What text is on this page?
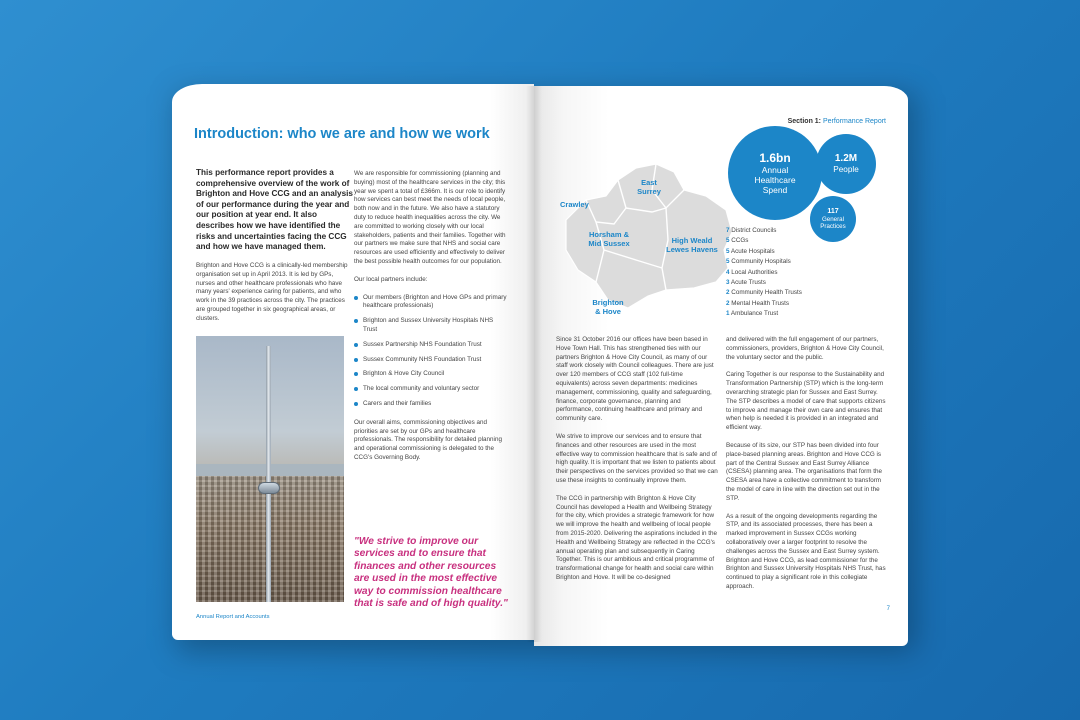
Introduction: who we are and how we work

This performance report provides a comprehensive overview of the work of Brighton and Hove CCG and an analysis of our performance during the year and our position at year end. It also describes how we have identified the risks and uncertainties facing the CCG and how we have managed them.

Brighton and Hove CCG is a clinically-led membership organisation set up in April 2013. It is led by GPs, nurses and other healthcare professionals who have many years' experience caring for patients, and who work in the 39 practices across the city. The practices are grouped together in six geographical areas, or clusters.

We are responsible for commissioning (planning and buying) most of the healthcare services in the city; this year we spent a total of £366m. It is our role to identify how services can best meet the needs of local people, both now and in the future. We also have a statutory duty to reduce health inequalities across the city. We are committed to working closely with our local stakeholders, patients and their families. Together with our partners we make sure that NHS and social care resources are used efficiently and effectively to deliver the best possible health outcomes for our population.

Our local partners include:

Our members (Brighton and Hove GPs and primary healthcare professionals)
Brighton and Sussex University Hospitals NHS Trust
Sussex Partnership NHS Foundation Trust
Sussex Community NHS Foundation Trust
Brighton & Hove City Council
The local community and voluntary sector
Carers and their families

Our overall aims, commissioning objectives and priorities are set by our GPs and healthcare professionals. The responsibility for detailed planning and operational commissioning is delegated to the CCG's Governing Body.

"We strive to improve our services and to ensure that finances and other resources are used in the most effective way to commission healthcare that is safe and of high quality."

Annual Report and Accounts
Section 1: Performance Report
Crawley
East Surrey
Horsham & Mid Sussex	High Weald Lewes Havens
Brighton & Hove
1.6bn
Annual Healthcare Spend
1.2M
People
117
General Practices
7 District Councils
5 CCGs
5 Acute Hospitals
5 Community Hospitals
4 Local Authorities
3 Acute Trusts
2 Community Health Trusts
2 Mental Health Trusts
1 Ambulance Trust

Since 31 October 2016 our offices have been based in Hove Town Hall. This has strengthened ties with our partners Brighton & Hove City Council, as many of our staff work closely with Council colleagues. There are just over 120 members of CCG staff (102 full-time equivalents) across seven departments: medicines management, commissioning, quality and safeguarding, finance, corporate governance, planning and performance, continuing healthcare and primary and community care.

We strive to improve our services and to ensure that finances and other resources are used in the most effective way to commission healthcare that is safe and of high quality. It is important that we listen to patients about their perspectives on the services provided so that we can use these insights to continually improve them.

The CCG in partnership with Brighton & Hove City Council has developed a Health and Wellbeing Strategy for the city, which provides a strategic framework for how we will improve the health and wellbeing of local people from 2015-2020. Delivering the aspirations included in the Health and Wellbeing Strategy are reflected in the CCG's annual operating plan and subsequently in Caring Together. This is our ambitious and critical programme of transformational change for health and social care within Brighton and Hove. It will be co-designed

and delivered with the full engagement of our partners, commissioners, providers, Brighton & Hove City Council, the voluntary sector and the public.

Caring Together is our response to the Sustainability and Transformation Partnership (STP) which is the long-term overarching strategic plan for Sussex and East Surrey. The STP describes a model of care that supports citizens to improve and manage their own care and ensures that when help is needed it is provided in an integrated and efficient way.

Because of its size, our STP has been divided into four place-based planning areas. Brighton and Hove CCG is part of the Central Sussex and East Surrey Alliance (CSESA) planning area. The organisations that form the CSESA area have a collective commitment to transform the model of care in line with the direction set out in the STP.

As a result of the ongoing developments regarding the STP, and its associated processes, there has been a marked improvement in Sussex CCGs working collaboratively over a larger footprint to resolve the challenges across the Sussex and East Surrey system. Brighton and Hove CCG, as lead commissioner for the Brighton and Sussex University Hospitals NHS Trust, has continued to play a significant role in this collegiate approach.

7
